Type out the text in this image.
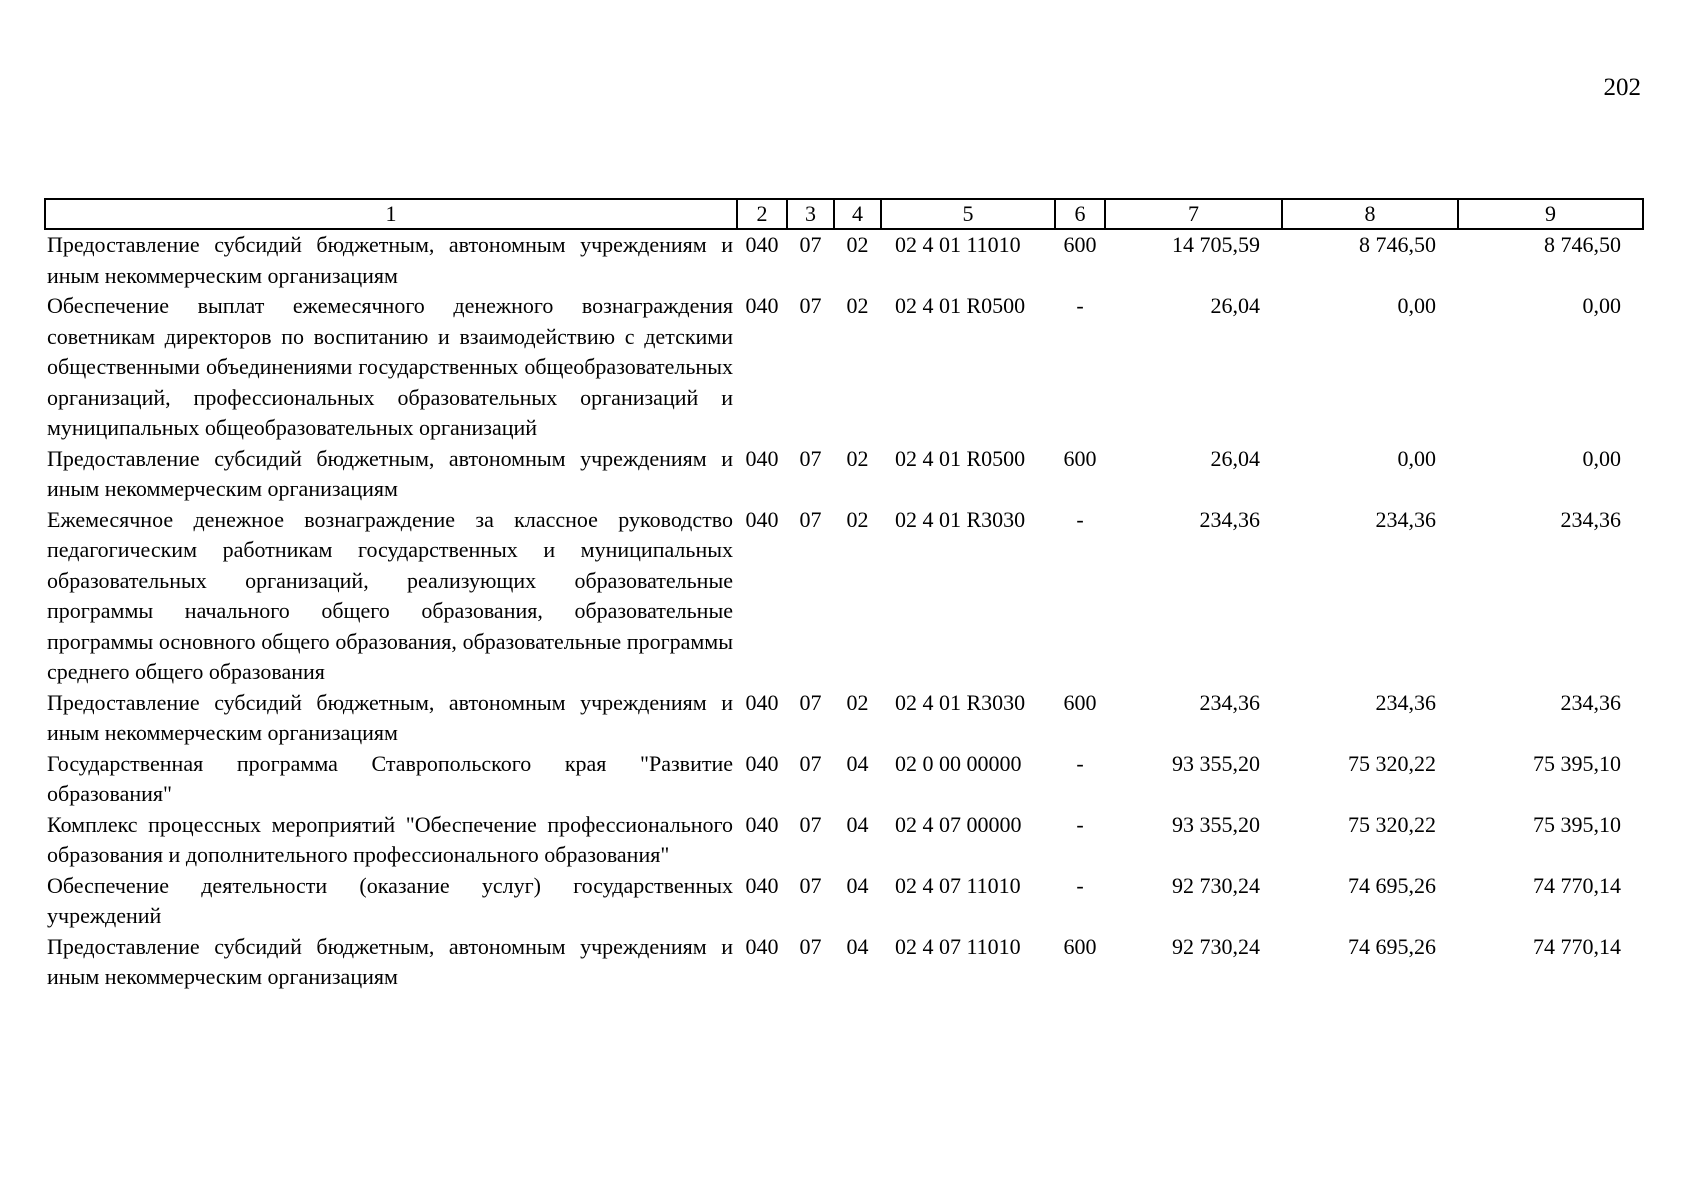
202
1	2	3	4	5	6	7	8	9
Предоставление субсидий бюджетным, автономным учреждениям и иным некоммерческим организациям	040	07	02	02 4 01 11010	600	14 705,59	8 746,50	8 746,50
Обеспечение выплат ежемесячного денежного вознаграждения советникам директоров по воспитанию и взаимодействию с детскими общественными объединениями государственных общеобразовательных организаций, профессиональных образовательных организаций и муниципальных общеобразовательных организаций	040	07	02	02 4 01 R0500	-	26,04	0,00	0,00
Предоставление субсидий бюджетным, автономным учреждениям и иным некоммерческим организациям	040	07	02	02 4 01 R0500	600	26,04	0,00	0,00
Ежемесячное денежное вознаграждение за классное руководство педагогическим работникам государственных и муниципальных образовательных организаций, реализующих образовательные программы начального общего образования, образовательные программы основного общего образования, образовательные программы среднего общего образования	040	07	02	02 4 01 R3030	-	234,36	234,36	234,36
Предоставление субсидий бюджетным, автономным учреждениям и иным некоммерческим организациям	040	07	02	02 4 01 R3030	600	234,36	234,36	234,36
Государственная программа Ставропольского края "Развитие образования"	040	07	04	02 0 00 00000	-	93 355,20	75 320,22	75 395,10
Комплекс процессных мероприятий "Обеспечение профессионального образования и дополнительного профессионального образования"	040	07	04	02 4 07 00000	-	93 355,20	75 320,22	75 395,10
Обеспечение деятельности (оказание услуг) государственных учреждений	040	07	04	02 4 07 11010	-	92 730,24	74 695,26	74 770,14
Предоставление субсидий бюджетным, автономным учреждениям и иным некоммерческим организациям	040	07	04	02 4 07 11010	600	92 730,24	74 695,26	74 770,14
